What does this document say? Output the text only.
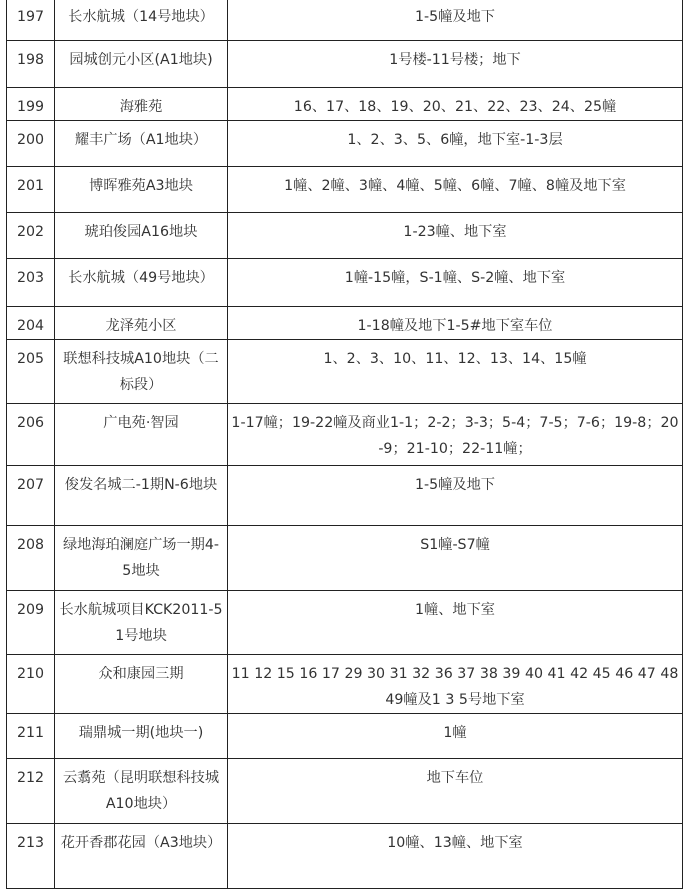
197	长水航城（14号地块）	1-5幢及地下
198	园城创元小区(A1地块)	1号楼-11号楼；地下
199	海雅苑	16、17、18、19、20、21、22、23、24、25幢
200	耀丰广场（A1地块）	1、2、3、5、6幢，地下室-1-3层
201	博晖雅苑A3地块	1幢、2幢、3幢、4幢、5幢、6幢、7幢、8幢及地下室
202	琥珀俊园A16地块	1-23幢、地下室
203	长水航城（49号地块）	1幢-15幢，S-1幢、S-2幢、地下室
204	龙泽苑小区	1-18幢及地下1-5#地下室车位
205	联想科技城A10地块（二标段）	1、2、3、10、11、12、13、14、15幢
206	广电苑·智园	1-17幢；19-22幢及商业1-1；2-2；3-3；5-4；7-5；7-6；19-8；20-9；21-10；22-11幢；
207	俊发名城二-1期N-6地块	1-5幢及地下
208	绿地海珀澜庭广场一期4-5地块	S1幢-S7幢
209	长水航城项目KCK2011-51号地块	1幢、地下室
210	众和康园三期	11 12 15 16 17 29 30 31 32 36 37 38 39 40 41 42 45 46 47 48 49幢及1 3 5号地下室
211	瑞鼎城一期(地块一)	1幢
212	云翥苑（昆明联想科技城A10地块）	地下车位
213	花开香郡花园（A3地块）	10幢、13幢、地下室
